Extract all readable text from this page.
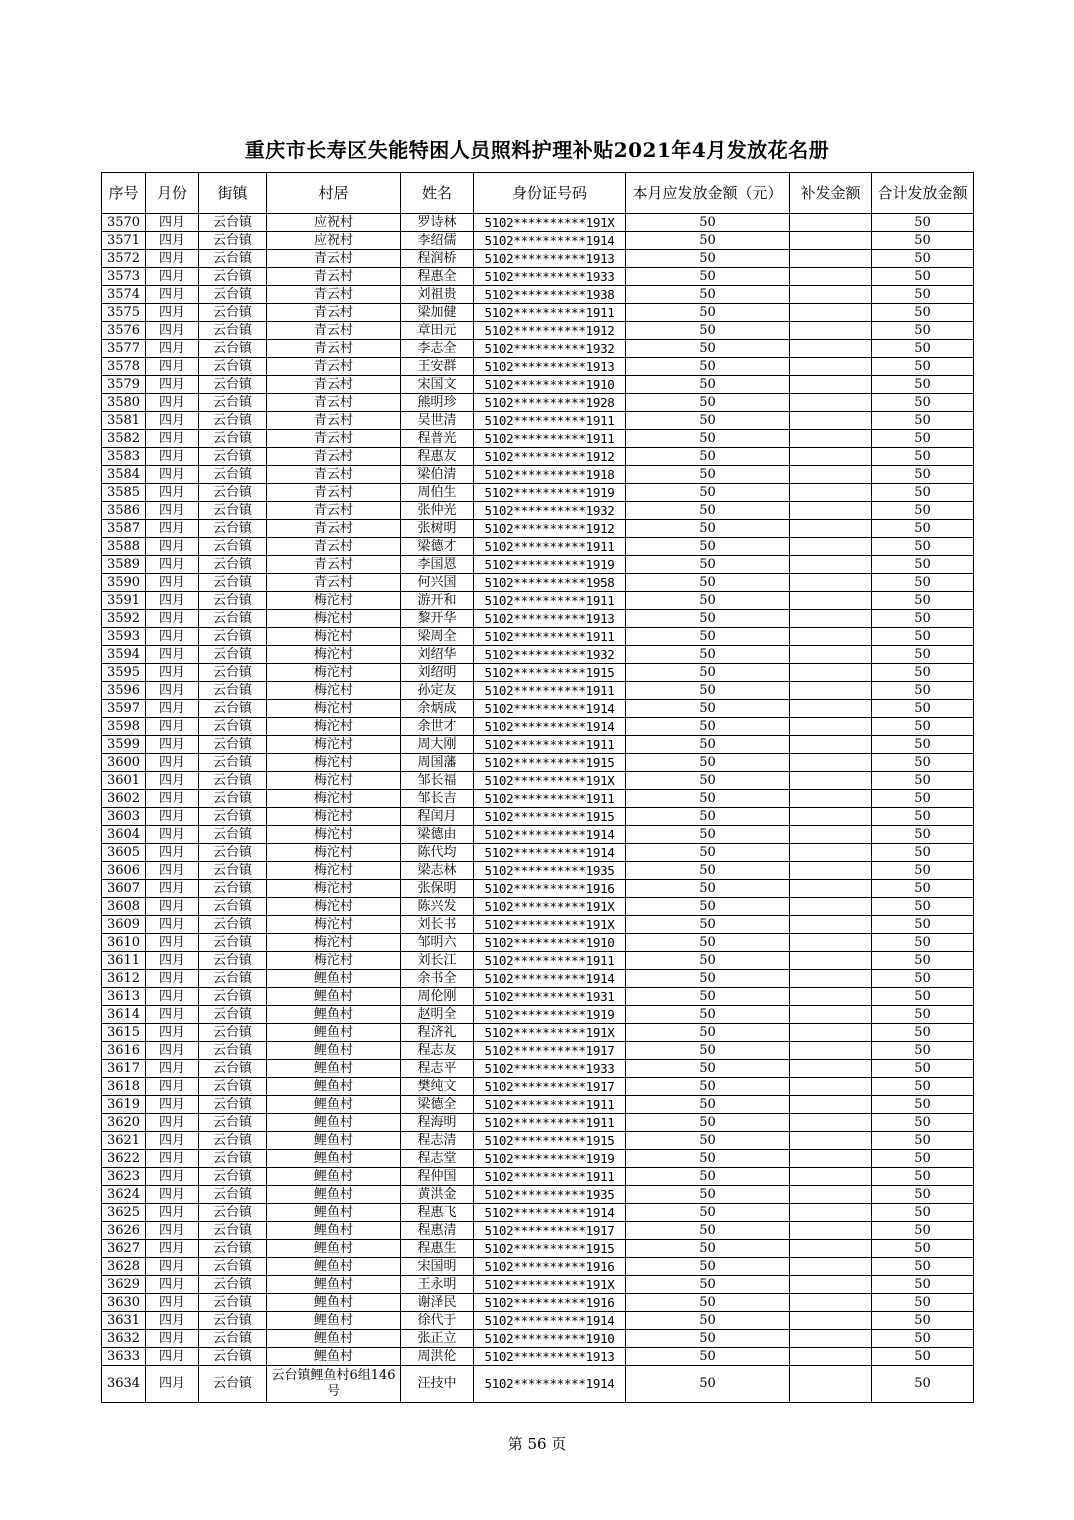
重庆市长寿区失能特困人员照料护理补贴2021年4月发放花名册
序号	月份	街镇	村居	姓名	身份证号码	本月应发放金额（元）	补发金额	合计发放金额
3570	四月	云台镇	应祝村	罗诗林	5102**********191X	50		50
3571	四月	云台镇	应祝村	李绍儒	5102**********1914	50		50
3572	四月	云台镇	青云村	程润桥	5102**********1913	50		50
3573	四月	云台镇	青云村	程惠全	5102**********1933	50		50
3574	四月	云台镇	青云村	刘祖贵	5102**********1938	50		50
3575	四月	云台镇	青云村	梁加健	5102**********1911	50		50
3576	四月	云台镇	青云村	章田元	5102**********1912	50		50
3577	四月	云台镇	青云村	李志全	5102**********1932	50		50
3578	四月	云台镇	青云村	王安群	5102**********1913	50		50
3579	四月	云台镇	青云村	宋国文	5102**********1910	50		50
3580	四月	云台镇	青云村	熊明珍	5102**********1928	50		50
3581	四月	云台镇	青云村	吴世清	5102**********1911	50		50
3582	四月	云台镇	青云村	程普光	5102**********1911	50		50
3583	四月	云台镇	青云村	程惠友	5102**********1912	50		50
3584	四月	云台镇	青云村	梁伯清	5102**********1918	50		50
3585	四月	云台镇	青云村	周伯生	5102**********1919	50		50
3586	四月	云台镇	青云村	张仲光	5102**********1932	50		50
3587	四月	云台镇	青云村	张树明	5102**********1912	50		50
3588	四月	云台镇	青云村	梁德才	5102**********1911	50		50
3589	四月	云台镇	青云村	李国恩	5102**********1919	50		50
3590	四月	云台镇	青云村	何兴国	5102**********1958	50		50
3591	四月	云台镇	梅沱村	游开和	5102**********1911	50		50
3592	四月	云台镇	梅沱村	黎开华	5102**********1913	50		50
3593	四月	云台镇	梅沱村	梁周全	5102**********1911	50		50
3594	四月	云台镇	梅沱村	刘绍华	5102**********1932	50		50
3595	四月	云台镇	梅沱村	刘绍明	5102**********1915	50		50
3596	四月	云台镇	梅沱村	孙定友	5102**********1911	50		50
3597	四月	云台镇	梅沱村	余炳成	5102**********1914	50		50
3598	四月	云台镇	梅沱村	余世才	5102**********1914	50		50
3599	四月	云台镇	梅沱村	周大刚	5102**********1911	50		50
3600	四月	云台镇	梅沱村	周国藩	5102**********1915	50		50
3601	四月	云台镇	梅沱村	邹长福	5102**********191X	50		50
3602	四月	云台镇	梅沱村	邹长吉	5102**********1911	50		50
3603	四月	云台镇	梅沱村	程闰月	5102**********1915	50		50
3604	四月	云台镇	梅沱村	梁德由	5102**********1914	50		50
3605	四月	云台镇	梅沱村	陈代均	5102**********1914	50		50
3606	四月	云台镇	梅沱村	梁志林	5102**********1935	50		50
3607	四月	云台镇	梅沱村	张保明	5102**********1916	50		50
3608	四月	云台镇	梅沱村	陈兴发	5102**********191X	50		50
3609	四月	云台镇	梅沱村	刘长书	5102**********191X	50		50
3610	四月	云台镇	梅沱村	邹明六	5102**********1910	50		50
3611	四月	云台镇	梅沱村	刘长江	5102**********1911	50		50
3612	四月	云台镇	鲤鱼村	余书全	5102**********1914	50		50
3613	四月	云台镇	鲤鱼村	周伦刚	5102**********1931	50		50
3614	四月	云台镇	鲤鱼村	赵明全	5102**********1919	50		50
3615	四月	云台镇	鲤鱼村	程济礼	5102**********191X	50		50
3616	四月	云台镇	鲤鱼村	程志友	5102**********1917	50		50
3617	四月	云台镇	鲤鱼村	程志平	5102**********1933	50		50
3618	四月	云台镇	鲤鱼村	樊纯文	5102**********1917	50		50
3619	四月	云台镇	鲤鱼村	梁德全	5102**********1911	50		50
3620	四月	云台镇	鲤鱼村	程海明	5102**********1911	50		50
3621	四月	云台镇	鲤鱼村	程志清	5102**********1915	50		50
3622	四月	云台镇	鲤鱼村	程志堂	5102**********1919	50		50
3623	四月	云台镇	鲤鱼村	程仲国	5102**********1911	50		50
3624	四月	云台镇	鲤鱼村	黄洪金	5102**********1935	50		50
3625	四月	云台镇	鲤鱼村	程惠飞	5102**********1914	50		50
3626	四月	云台镇	鲤鱼村	程惠清	5102**********1917	50		50
3627	四月	云台镇	鲤鱼村	程惠生	5102**********1915	50		50
3628	四月	云台镇	鲤鱼村	宋国明	5102**********1916	50		50
3629	四月	云台镇	鲤鱼村	王永明	5102**********191X	50		50
3630	四月	云台镇	鲤鱼村	谢泽民	5102**********1916	50		50
3631	四月	云台镇	鲤鱼村	徐代于	5102**********1914	50		50
3632	四月	云台镇	鲤鱼村	张正立	5102**********1910	50		50
3633	四月	云台镇	鲤鱼村	周洪伦	5102**********1913	50		50
3634	四月	云台镇	云台镇鲤鱼村6组146号	汪技中	5102**********1914	50		50
第 56 页
